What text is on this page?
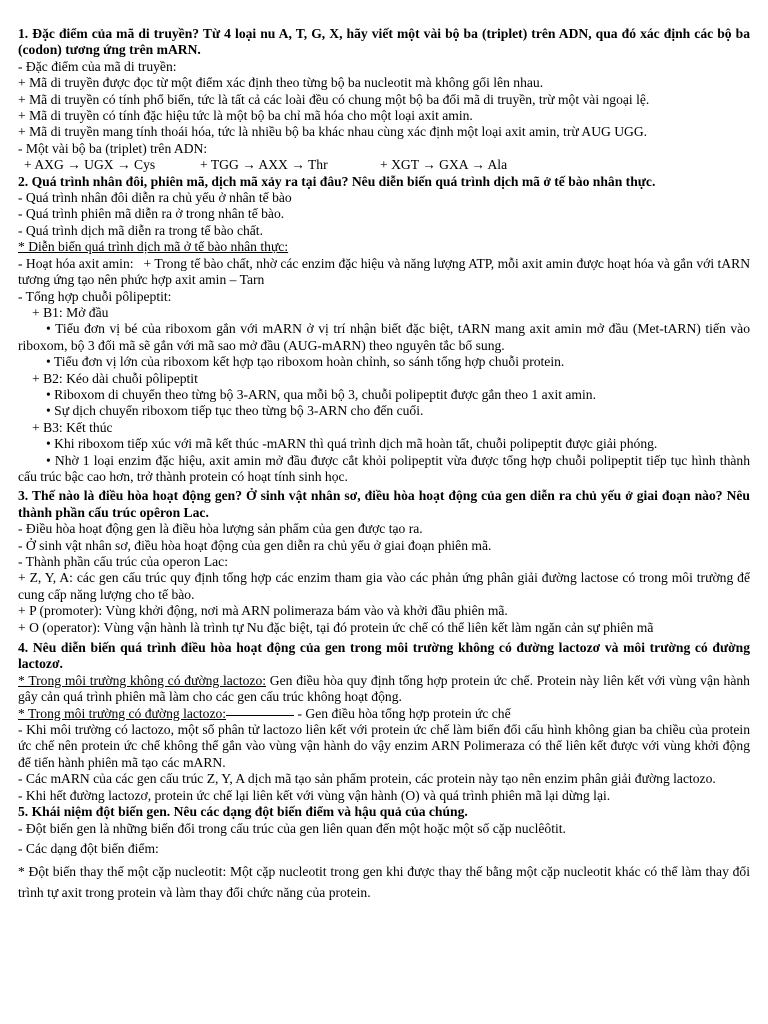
1. Đặc điểm của mã di truyền? Từ 4 loại nu A, T, G, X, hãy viết một vài bộ ba (triplet) trên ADN, qua đó xác định các bộ ba (codon) tương ứng trên mARN.

- Đặc điểm của mã di truyền:

+ Mã di truyền được đọc từ một điểm xác định theo từng bộ ba nucleotit mà không gối lên nhau.

+ Mã di truyền có tính phổ biến, tức là tất cả các loài đều có chung một bộ ba đối mã di truyền, trừ một vài ngoại lệ.

+ Mã di truyền có tính đặc hiệu tức là một bộ ba chỉ mã hóa cho một loại axit amin.

+ Mã di truyền mang tính thoái hóa, tức là nhiều bộ ba khác nhau cùng xác định một loại axit amin, trừ AUG UGG.

- Một vài bộ ba (triplet) trên ADN:

+ AXG → UGX → Cys	+ TGG → AXX → Thr	+ XGT → GXA → Ala

2. Quá trình nhân đôi, phiên mã, dịch mã xảy ra tại đâu? Nêu diễn biến quá trình dịch mã ở tế bào nhân thực.

- Quá trình nhân đôi diễn ra chủ yếu ở nhân tế bào

- Quá trình phiên mã diễn ra ở trong nhân tế bào.

- Quá trình dịch mã diễn ra trong tế bào chất.

* Diễn biến quá trình dịch mã ở tế bào nhân thực:

- Hoạt hóa axit amin: + Trong tế bào chất, nhờ các enzim đặc hiệu và năng lượng ATP, mỗi axit amin được hoạt hóa và gắn với tARN tương ứng tạo nên phức hợp axit amin – Tarn

- Tổng hợp chuỗi pôlipeptit:

+ B1: Mở đầu

• Tiểu đơn vị bé của riboxom gắn với mARN ở vị trí nhận biết đặc biệt, tARN mang axit amin mở đầu (Met-tARN) tiến vào riboxom, bộ 3 đối mã sẽ gắn với mã sao mở đầu (AUG-mARN) theo nguyên tắc bổ sung.

• Tiểu đơn vị lớn của riboxom kết hợp tạo riboxom hoàn chỉnh, so sánh tổng hợp chuỗi protein.

+ B2: Kéo dài chuỗi pôlipeptit

• Riboxom di chuyển theo từng bộ 3-ARN, qua mỗi bộ 3, chuỗi polipeptit được gắn theo 1 axit amin.

• Sự dịch chuyển riboxom tiếp tục theo từng bộ 3-ARN cho đến cuối.

+ B3: Kết thúc

• Khi riboxom tiếp xúc với mã kết thúc -mARN thì quá trình dịch mã hoàn tất, chuỗi polipeptit được giải phóng.

• Nhờ 1 loại enzim đặc hiệu, axit amin mở đầu được cắt khỏi polipeptit vừa được tổng hợp chuỗi polipeptit tiếp tục hình thành cấu trúc bậc cao hơn, trở thành protein có hoạt tính sinh học.

3. Thế nào là điều hòa hoạt động gen? Ở sinh vật nhân sơ, điều hòa hoạt động của gen diễn ra chủ yếu ở giai đoạn nào? Nêu thành phần cấu trúc opêron Lac.

- Điều hòa hoạt động gen là điều hòa lượng sản phẩm của gen được tạo ra.

- Ở sinh vật nhân sơ, điều hòa hoạt động của gen diễn ra chủ yếu ở giai đoạn phiên mã.

- Thành phần cấu trúc của operon Lac:

+ Z, Y, A: các gen cấu trúc quy định tổng hợp các enzim tham gia vào các phản ứng phân giải đường lactose có trong môi trường để cung cấp năng lượng cho tế bào.

+ P (promoter): Vùng khởi động, nơi mà ARN polimeraza bám vào và khởi đầu phiên mã.

+ O (operator): Vùng vận hành là trình tự Nu đặc biệt, tại đó protein ức chế có thể liên kết làm ngăn cản sự phiên mã

4. Nêu diễn biến quá trình điều hòa hoạt động của gen trong môi trường không có đường lactozơ và môi trường có đường lactozơ.

* Trong môi trường không có đường lactozo: Gen điều hòa quy định tổng hợp protein ức chế. Protein này liên kết với vùng vận hành gây cản quá trình phiên mã làm cho các gen cấu trúc không hoạt động.

* Trong môi trường có đường lactozo:	- Gen điều hòa tổng hợp protein ức chế

- Khi môi trường có lactozo, một số phân tử lactozo liên kết với protein ức chế làm biến đổi cấu hình không gian ba chiều của protein ức chế nên protein ức chế không thể gắn vào vùng vận hành do vậy enzim ARN Polimeraza có thể liên kết được với vùng khởi động để tiến hành phiên mã tạo các mARN.

- Các mARN của các gen cấu trúc Z, Y, A dịch mã tạo sản phẩm protein, các protein này tạo nên enzim phân giải đường lactozo.

- Khi hết đường lactozơ, protein ức chế lại liên kết với vùng vận hành (O) và quá trình phiên mã lại dừng lại.

5. Khái niệm đột biến gen. Nêu các dạng đột biến điểm và hậu quả của chúng.

- Đột biến gen là những biến đổi trong cấu trúc của gen liên quan đến một hoặc một số cặp nuclêôtit.

- Các dạng đột biến điểm:

* Đột biến thay thế một cặp nucleotit: Một cặp nucleotit trong gen khi được thay thế bằng một cặp nucleotit khác có thể làm thay đổi trình tự axit trong protein và làm thay đổi chức năng của protein.
